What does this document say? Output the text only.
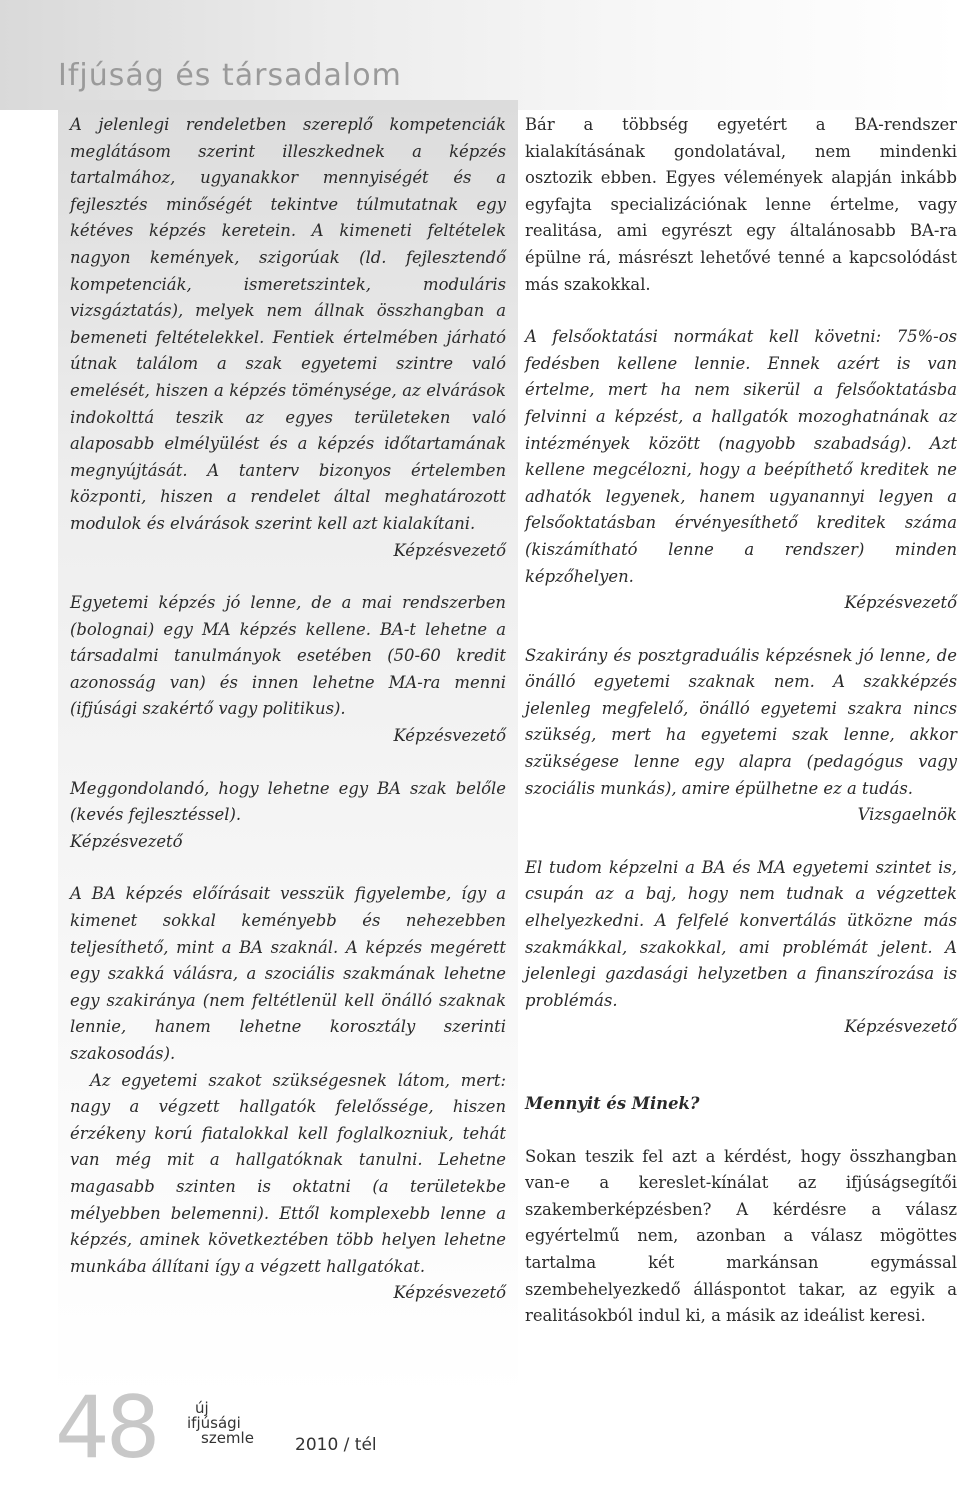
Ifjúság és társadalom

A jelenlegi rendeletben szereplő kompetenciák meglátásom szerint illeszkednek a képzés tartalmához, ugyanakkor mennyiségét és a fejlesztés minőségét tekintve túlmutatnak egy kétéves képzés keretein. A kimeneti feltételek nagyon kemények, szigorúak (ld. fejlesztendő kompetenciák, ismeretszintek, moduláris vizsgáztatás), melyek nem állnak összhangban a bemeneti feltételekkel. Fentiek értelmében járható útnak találom a szak egyetemi szintre való emelését, hiszen a képzés töménysége, az elvárások indokolttá teszik az egyes területeken való alaposabb elmélyülést és a képzés időtartamának megnyújtását. A tanterv bizonyos értelemben központi, hiszen a rendelet által meghatározott modulok és elvárások szerint kell azt kialakítani.

Képzésvezető

Egyetemi képzés jó lenne, de a mai rendszerben (bolognai) egy MA képzés kellene. BA-t lehetne a társadalmi tanulmányok esetében (50-60 kredit azonosság van) és innen lehetne MA-ra menni (ifjúsági szakértő vagy politikus).

Képzésvezető

Meggondolandó, hogy lehetne egy BA szak belőle (kevés fejlesztéssel).

Képzésvezető

A BA képzés előírásait vesszük figyelembe, így a kimenet sokkal keményebb és nehezebben teljesíthető, mint a BA szaknál. A képzés megérett egy szakká válásra, a szociális szakmának lehetne egy szakiránya (nem feltétlenül kell önálló szaknak lennie, hanem lehetne korosztály szerinti szakosodás).

Az egyetemi szakot szükségesnek látom, mert: nagy a végzett hallgatók felelőssége, hiszen érzékeny korú fiatalokkal kell foglalkozniuk, tehát van még mit a hallgatóknak tanulni. Lehetne magasabb szinten is oktatni (a területekbe mélyebben belemenni). Ettől komplexebb lenne a képzés, aminek következtében több helyen lehetne munkába állítani így a végzett hallgatókat.

Képzésvezető

Bár a többség egyetért a BA-rendszer kialakításának gondolatával, nem mindenki osztozik ebben. Egyes vélemények alapján inkább egyfajta specializációnak lenne értelme, vagy realitása, ami egyrészt egy általánosabb BA-ra épülne rá, másrészt lehetővé tenné a kapcsolódást más szakokkal.

A felsőoktatási normákat kell követni: 75%-os fedésben kellene lennie. Ennek azért is van értelme, mert ha nem sikerül a felsőoktatásba felvinni a képzést, a hallgatók mozoghatnának az intézmények között (nagyobb szabadság). Azt kellene megcélozni, hogy a beépíthető kreditek ne adhatók legyenek, hanem ugyanannyi legyen a felsőoktatásban érvényesíthető kreditek száma (kiszámítható lenne a rendszer) minden képzőhelyen.

Képzésvezető

Szakirány és posztgraduális képzésnek jó lenne, de önálló egyetemi szaknak nem. A szakképzés jelenleg megfelelő, önálló egyetemi szakra nincs szükség, mert ha egyetemi szak lenne, akkor szükségese lenne egy alapra (pedagógus vagy szociális munkás), amire épülhetne ez a tudás.

Vizsgaelnök

El tudom képzelni a BA és MA egyetemi szintet is, csupán az a baj, hogy nem tudnak a végzettek elhelyezkedni. A felfelé konvertálás ütközne más szakmákkal, szakokkal, ami problémát jelent. A jelenlegi gazdasági helyzetben a finanszírozása is problémás.

Képzésvezető

Mennyit és Minek?

Sokan teszik fel azt a kérdést, hogy összhangban van-e a kereslet-kínálat az ifjúságsegítői szakemberképzésben? A kérdésre a válasz egyértelmű nem, azonban a válasz mögöttes tartalma két markánsan egymással szembehelyezkedő álláspontot takar, az egyik a realitásokból indul ki, a másik az ideálist keresi.

48	új
ifjúsági
szemle	2010 / tél
